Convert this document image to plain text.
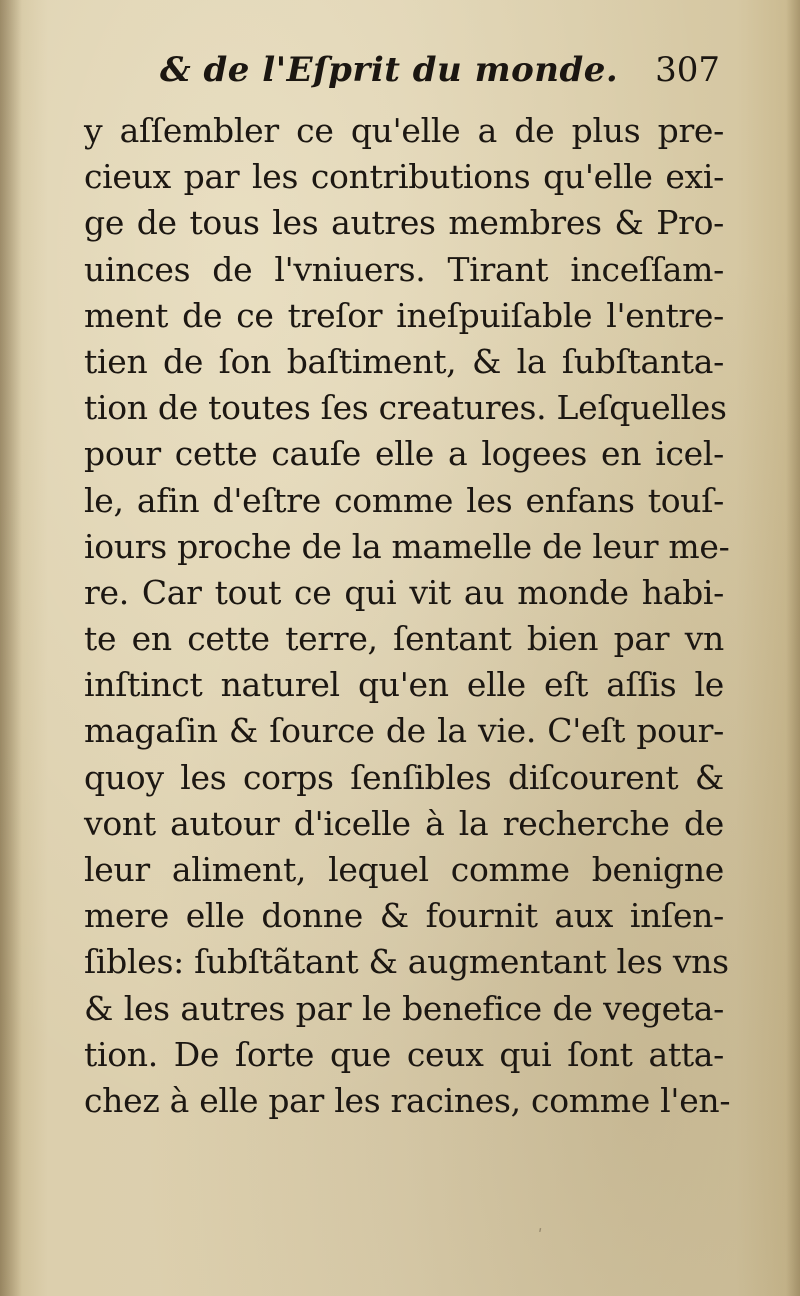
& de l'Eſprit du monde. 307
y aſſembler ce qu'elle a de plus pre-
cieux par les contributions qu'elle exi-
ge de tous les autres membres & Pro-
uinces de l'vniuers. Tirant inceſſam-
ment de ce treſor ineſpuiſable l'entre-
tien de ſon baſtiment, & la ſubſtanta-
tion de toutes ſes creatures. Leſquelles
pour cette cauſe elle a logees en icel-
le, afin d'eſtre comme les enfans touſ-
iours proche de la mamelle de leur me-
re. Car tout ce qui vit au monde habi-
te en cette terre, ſentant bien par vn
inſtinct naturel qu'en elle eſt aſſis le
magaſin & ſource de la vie. C'eſt pour-
quoy les corps ſenſibles diſcourent &
vont autour d'icelle à la recherche de
leur aliment, lequel comme benigne
mere elle donne & fournit aux inſen-
ſibles: ſubſtãtant & augmentant les vns
& les autres par le benefice de vegeta-
tion. De ſorte que ceux qui ſont atta-
chez à elle par les racines, comme l'en-
ʹ
